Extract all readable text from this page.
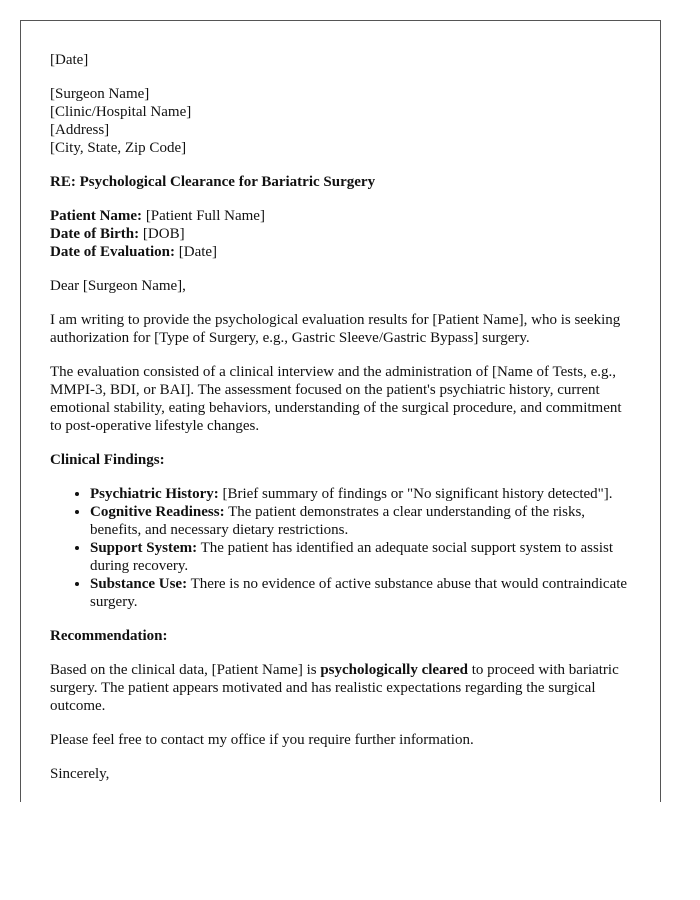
[Date]
[Surgeon Name]
[Clinic/Hospital Name]
[Address]
[City, State, Zip Code]

RE: Psychological Clearance for Bariatric Surgery

Patient Name: [Patient Full Name]
Date of Birth: [DOB]
Date of Evaluation: [Date]

Dear [Surgeon Name],

I am writing to provide the psychological evaluation results for [Patient Name], who is seeking authorization for [Type of Surgery, e.g., Gastric Sleeve/Gastric Bypass] surgery.

The evaluation consisted of a clinical interview and the administration of [Name of Tests, e.g., MMPI-3, BDI, or BAI]. The assessment focused on the patient's psychiatric history, current emotional stability, eating behaviors, understanding of the surgical procedure, and commitment to post-operative lifestyle changes.

Clinical Findings:

• Psychiatric History: [Brief summary of findings or "No significant history detected"].
• Cognitive Readiness: The patient demonstrates a clear understanding of the risks, benefits, and necessary dietary restrictions.
• Support System: The patient has identified an adequate social support system to assist during recovery.
• Substance Use: There is no evidence of active substance abuse that would contraindicate surgery.

Recommendation:

Based on the clinical data, [Patient Name] is psychologically cleared to proceed with bariatric surgery. The patient appears motivated and has realistic expectations regarding the surgical outcome.

Please feel free to contact my office if you require further information.

Sincerely,
